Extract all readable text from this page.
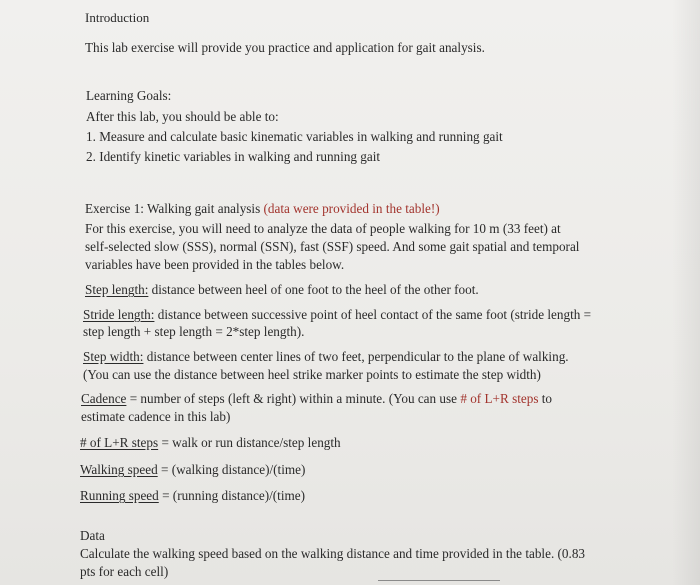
Introduction
This lab exercise will provide you practice and application for gait analysis.
Learning Goals:
After this lab, you should be able to:
1. Measure and calculate basic kinematic variables in walking and running gait
2. Identify kinetic variables in walking and running gait
Exercise 1: Walking gait analysis (data were provided in the table!)
For this exercise, you will need to analyze the data of people walking for 10 m (33 feet) at
self-selected slow (SSS), normal (SSN), fast (SSF) speed. And some gait spatial and temporal
variables have been provided in the tables below.
Step length: distance between heel of one foot to the heel of the other foot.
Stride length: distance between successive point of heel contact of the same foot (stride length =
step length + step length = 2*step length).
Step width: distance between center lines of two feet, perpendicular to the plane of walking.
(You can use the distance between heel strike marker points to estimate the step width)
Cadence = number of steps (left & right) within a minute. (You can use # of L+R steps to
estimate cadence in this lab)
# of L+R steps = walk or run distance/step length
Walking speed = (walking distance)/(time)
Running speed = (running distance)/(time)
Data
Calculate the walking speed based on the walking distance and time provided in the table. (0.83
pts for each cell)
